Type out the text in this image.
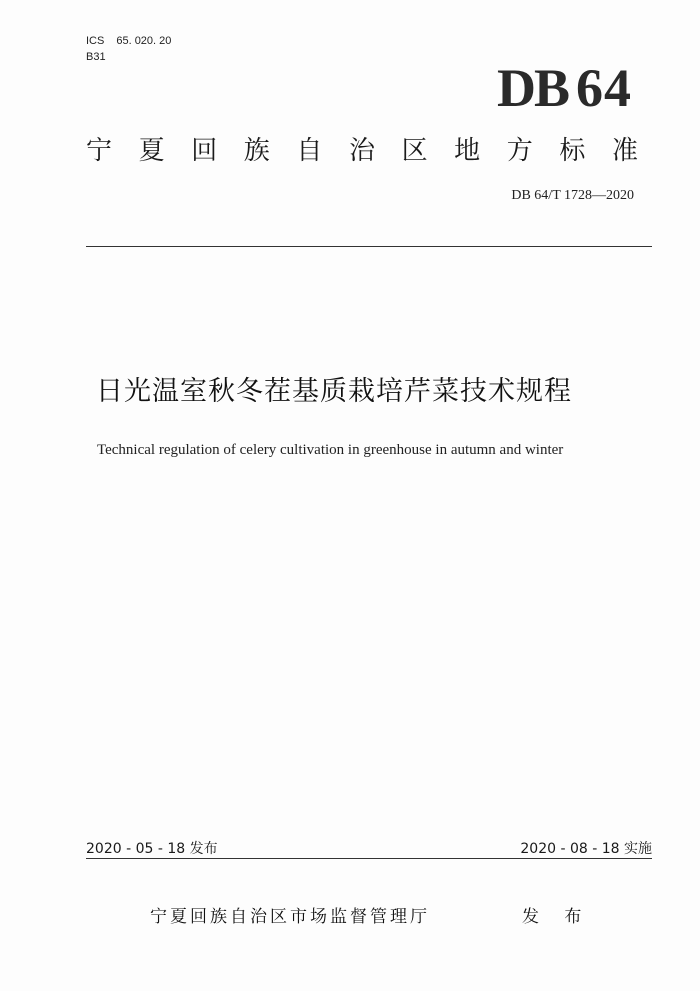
ICS 65. 020. 20
B31
DB 64
宁 夏 回 族 自 治 区 地 方 标 准
DB 64/T 1728—2020
日光温室秋冬茬基质栽培芹菜技术规程
Technical regulation of celery cultivation in greenhouse in autumn and winter
2020 - 05 - 18 发布	2020 - 08 - 18 实施
宁夏回族自治区市场监督管理厅	发 布
